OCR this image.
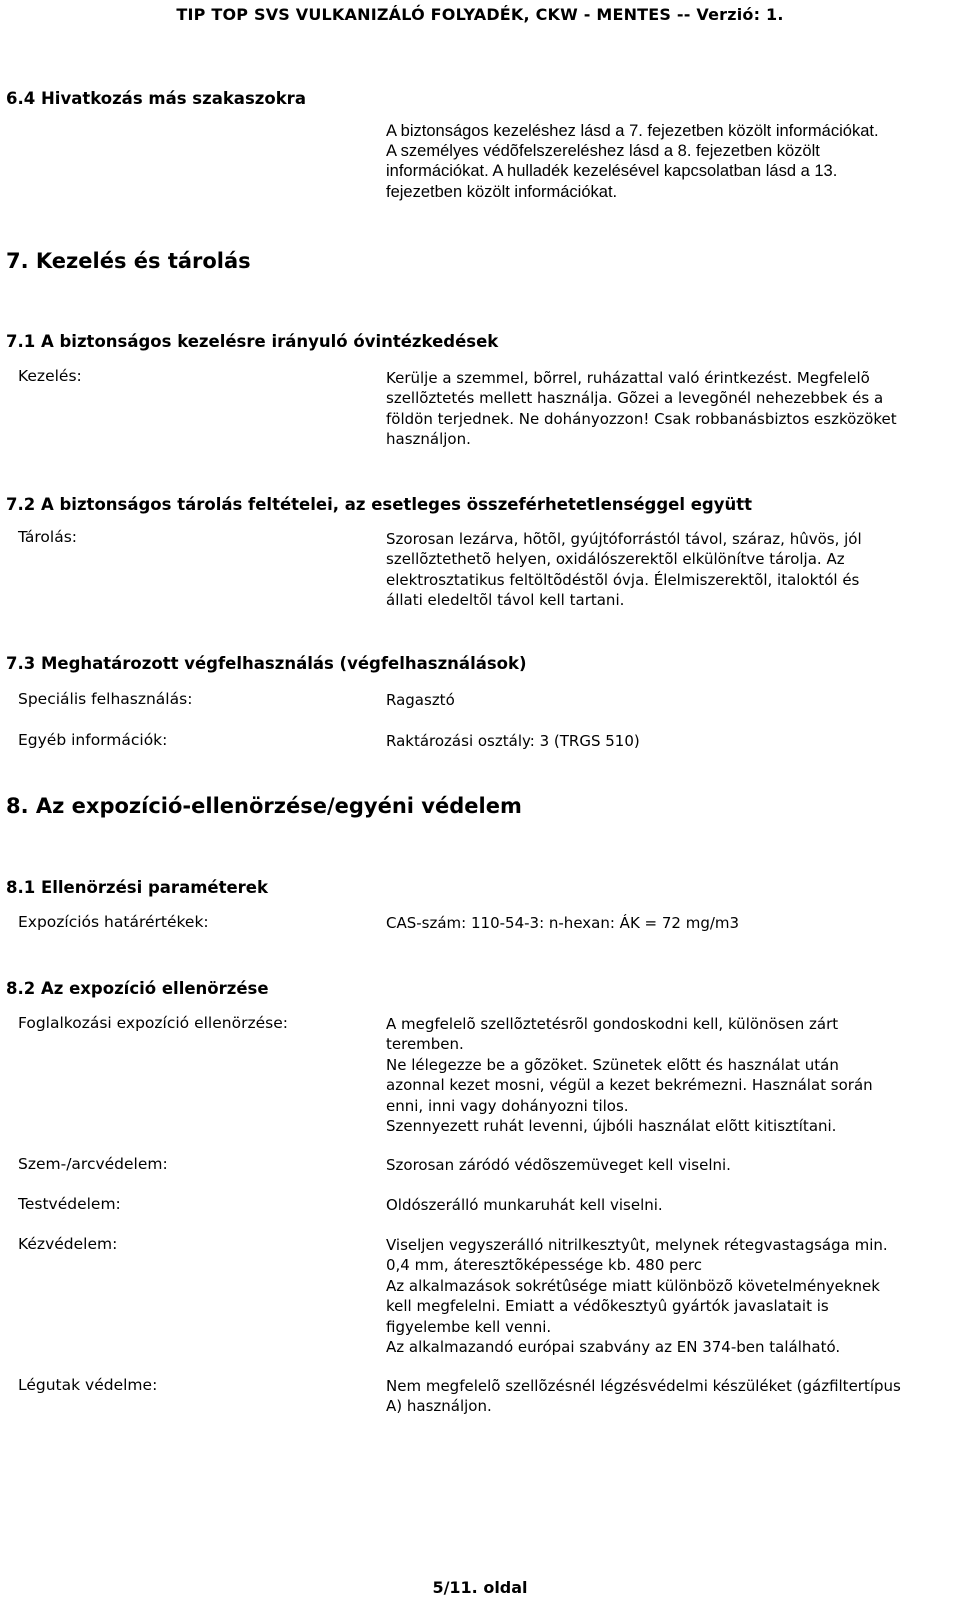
TIP TOP SVS VULKANIZÁLÓ FOLYADÉK, CKW - MENTES -- Verzió: 1.
6.4 Hivatkozás más szakaszokra
A biztonságos kezeléshez lásd a 7. fejezetben közölt információkat.
A személyes védõfelszereléshez lásd a 8. fejezetben közölt
információkat. A hulladék kezelésével kapcsolatban lásd a 13.
fejezetben közölt információkat.
7. Kezelés és tárolás
7.1 A biztonságos kezelésre irányuló óvintézkedések
Kezelés:	Kerülje a szemmel, bõrrel, ruházattal való érintkezést. Megfelelõ
szellõztetés mellett használja. Gõzei a levegõnél nehezebbek és a
földön terjednek. Ne dohányozzon! Csak robbanásbiztos eszközöket
használjon.
7.2 A biztonságos tárolás feltételei, az esetleges összeférhetetlenséggel együtt
Tárolás:	Szorosan lezárva, hõtõl, gyújtóforrástól távol, száraz, hûvös, jól
szellõztethetõ helyen, oxidálószerektõl elkülönítve tárolja. Az
elektrosztatikus feltöltõdéstõl óvja. Élelmiszerektõl, italoktól és
állati eledeltõl távol kell tartani.
7.3 Meghatározott végfelhasználás (végfelhasználások)
Speciális felhasználás:	Ragasztó
Egyéb információk:	Raktározási osztály: 3 (TRGS 510)
8. Az expozíció-ellenörzése/egyéni védelem
8.1 Ellenörzési paraméterek
Expozíciós határértékek:	CAS-szám: 110-54-3: n-hexan: ÁK = 72 mg/m3
8.2 Az expozíció ellenörzése
Foglalkozási expozíció ellenörzése:	A megfelelõ szellõztetésrõl gondoskodni kell, különösen zárt
teremben.
Ne lélegezze be a gõzöket. Szünetek elõtt és használat után
azonnal kezet mosni, végül a kezet bekrémezni. Használat során
enni, inni vagy dohányozni tilos.
Szennyezett ruhát levenni, újbóli használat elõtt kitisztítani.
Szem-/arcvédelem:	Szorosan záródó védõszemüveget kell viselni.
Testvédelem:	Oldószerálló munkaruhát kell viselni.
Kézvédelem:	Viseljen vegyszerálló nitrilkesztyût, melynek rétegvastagsága min.
0,4 mm, áteresztõképessége kb. 480 perc
Az alkalmazások sokrétûsége miatt különbözõ követelményeknek
kell megfelelni. Emiatt a védõkesztyû gyártók javaslatait is
figyelembe kell venni.
Az alkalmazandó európai szabvány az EN 374-ben található.
Légutak védelme:	Nem megfelelõ szellõzésnél légzésvédelmi készüléket (gázfiltertípus
A) használjon.
5/11. oldal
